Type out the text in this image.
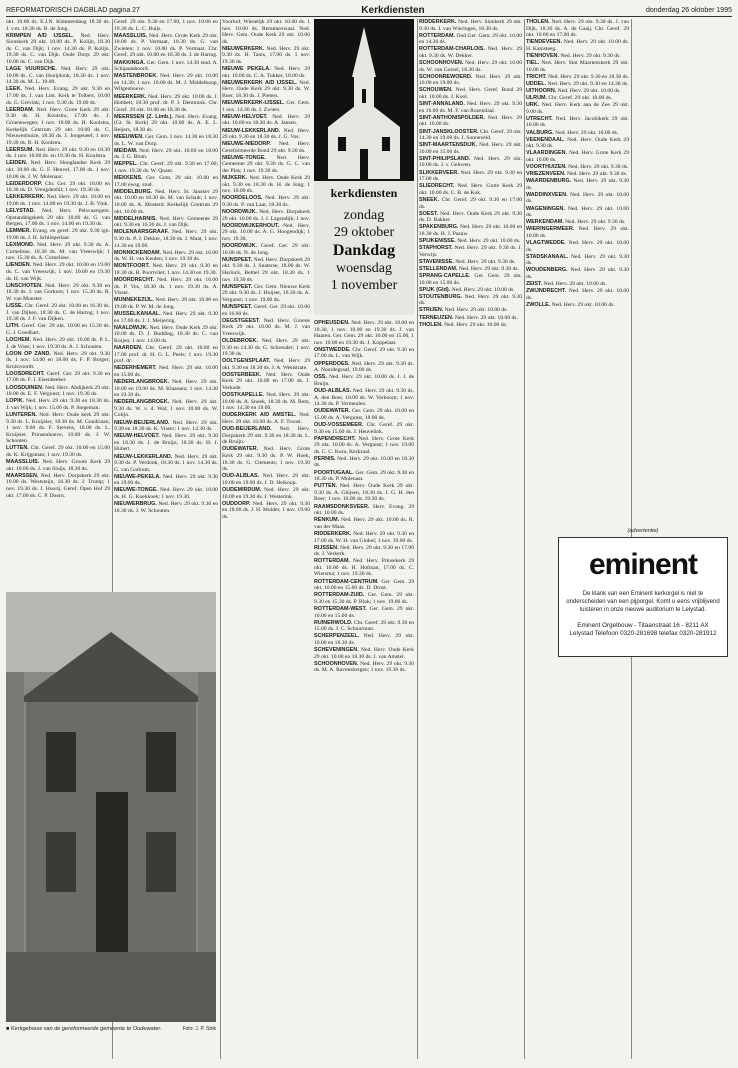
REFORMATORISCH DAGBLAD pagina 27	Kerkdiensten	donderdag 26 oktober 1995

okt. 10.00 ds. E.J.N. Kimmendaug 18.30 ds. J. v.m. 18.30 ds. B. de Jong.

KRIMPEN A/D IJSSEL. Ned. Herv. Sionskerk 29 okt. 10.00 ds. P. Kolijn, 18.30 ds. C. van Dijk; 1 nov. 14.30 ds. P. Kolijn, 19.30 ds. C. van Dijk. Oude Dorp: 29 okt. 10.00 ds. C. van Dijk.

LAGE VUURSCHE. Ned. Herv. 29 okt. 10.00 ds. C. van Hooijdonk, 18.30 ds. 1 nov. 14.30 ds. M. L. 10.00.

LEEK. Ned. Herv. Evang. 29 okt. 9.30 en 17.00 ds. J. van Lint. Kerk te Tolbert, 10.00 ds. G. Grevink; 1 nov. 9.30 ds. 19.00 ds.

LEERDAM. Ned. Herv. Grote Kerk 29 okt. 9.30 ds. H. Koolstra, 17.00 ds. J. Groenewegen; 1 nov. 10.00 ds. H. Koolstra, Kerkelijk Centrum 29 okt. 10.00 ds. C. Nieuwenhuize, 18.30 ds. J. Jongeneel; 1 nov. 19.30 ds. R. H. Koolstra.

LEERSUM. Ned. Herv. 29 okt. 9.30 en 18.30 ds. 1 nov. 10.00 ds. en 19.30 ds. H. Koolstra.

LEIDEN. Ned. Herv. Hooglandse Kerk 29 okt. 10.00 ds. G. F. Heuvel, 17.00 ds. 1 nov. 10.00 ds. J. W. Molenaar.

LEIDERDORP. Chr. Ger. 29 okt. 10.00 en 16.30 ds. D. Vreugdenhil; 1 nov. 19.30 ds.

LEKKERKERK. Ned. Herv. 29 okt. 10.00 en 19.00 ds. 1 nov. 14.00 en 19.30 ds. J. B. Vink.

LELYSTAD. Ned. Herv. Pelsvaartgem. Opstandingskerk 29 okt. 10.00 ds. G. van Bergen, 17.00 ds. 1 nov. 14.00 en 19.30 ds.

LEMMER. Evang. en geref. 29 okt. 9.30 ign. 19.00 ds. J. H. Schlieperlaar.

LEXMOND. Ned. Herv. 29 okt. 9.30 ds. A. Cornelisse, 18.30 ds. M. van Vreeswijk; 1 nov. 15.30 ds. A. Cornelisse.

LIENDEN. Ned. Herv. 29 okt. 10.00 en 19.00 ds. C. van Vreeswijk, 1 nov. 10.00 en 19.30 ds. H. van Wijk.

LINSCHOTEN. Ned. Herv. 29 okt. 9.30 en 18.30 ds. J. van Gorkom; 1 nov. 15.30 ds. R. W. van Munster.

LISSE. Chr. Geref. 29 okt. 10.00 en 16.30 ds. J. van Dijken, 18.30 ds. C. de Hartog; 1 nov. 19.30 ds. J. F. van Dijken.

LITH. Geref. Ger. 29 okt. 10.00 en 15.30 ds. G. J. Goedhart.

LOCHEM. Ned. Herv. 29 okt. 10.00 ds. P. L. J. de Vries; 1 nov. 19.30 ds. A. J. Schouten.

LOON OP ZAND. Ned. Herv. 29 okt. 9.30 ds. 1 nov. 14.00 en 18.00 ds. F. P. Borger; Kruisvoordt.

LOOSDRECHT. Geref. Ger. 29 okt. 9.30 en 17.00 ds. F. J. Eisenbeeker.

LOOSDUINEN. Ned. Herv. Abdijkerk 29 okt. 10.00 ds. E. F. Vergunst; 1 nov. 19.30 ds.

LOPIK. Ned. Herv. 29 okt. 9.30 en 18.30 ds. J. van Wijk; 1 nov. 15.00 ds. P. Stegeman.

LUNTEREN. Ned. Herv. Oude kerk 29 okt. 9.30 ds. L. Kruijsier, 18.30 ds. M. Goudriaan; 1 nov. 9.00 ds. F. Stevens, 18.00 ds. L. Kruijsier. Prinsenhoeve, 10.00 ds. J. W. Schouten.

LUTTEN. Chr. Geref. 29 okt. 10.00 en 15.00 ds. K. Krijgsman; 1 nov. 19.30 ds.

MAASSLUIS. Ned. Herv. Groote Kerk 29 okt. 10.00 ds. J. van Sluijs, 18.30 ds.

MAARSSEN. Ned. Herv. Dorpskerk 29 okt. 10.00 ds. Weststeijn, 18.30 ds. J. Trump; 1 nov. 19.30 ds. J. Hoorij. Geref. Open Hof 29 okt. 17.00 ds. C. P. Doorn.

Geref. 29 okt. 9.30 en 17.00, 1 nov. 10.00 en 19.30 ds. L. C. Buijs.

MAASSLUIS. Ned. Herv. Grote Kerk 29 okt. 10.00 ds. P. Vermaat, 18.30 ds. G. van Zwieten; 1 nov. 10.00 ds. P. Vermaat. Chr. Geref. 29 okt. 10.00 en 18.30 ds. J. de Hartog.

MAKKINGA. Ger. Gem. 1 nov. 14.30 stud. A. Schipaanboord.

MASTENBROEK. Ned. Herv. 29 okt. 10.00 en 14.30; 1 nov. 10.00 ds. M. J. Middelkoop, Wilgenhoeve.

MEERKERK. Ned. Herv. 29 okt. 10.00 ds. J. Hobbelt, 18.30 prof. dr. P. J. Demmink. Chr. Geref. 29 okt. 10.00 en 18.30 ds.

MEERSSEN (Z. Limb.). Ned. Herv. Evang. (Gt. St. Kerk) 29 okt. 10.00 ds. A. E. L. Beijers, 18.30 ds.

MEEUWEN. Ger. Gem. 1 nov. 14.30 en 18.30 ds. L. W. van Dorp.

MEIDAM. Ned. Herv. 29 okt. 10.00 en 18.00 ds. J. G. Blom.

MEPPEL. Chr. Geref. 29 okt. 9.30 en 17.00; 1 nov. 19.30 ds. W. Quant.

MEKKENS. Ger. Gem. 29 okt. 10.00 en 17.00 ewsg. stud.

MIDDELBURG. Ned. Herv. St. Jansker 29 okt. 10.00 en 18.30 ds. M. van Schaik; 1 nov. 10.00 ds. A. Mosterd. Kerkelijk Centrum 29 okt. 10.00 ds.

MIDDELHARNIS. Ned. Herv. Gemeente 29 okt. 9.30 en 16.30 ds. J. van Dijk.

MOLENAARSGRAAF. Ned. Herv. 29 okt. 9.30 ds. P. J. Dekker, 18.30 ds. J. Maat, 1 nov. 14.30 en 19.00.

MONNICKENDAM. Ned. Herv. 29 okt. 10.00 ds. W. H. van Keulen; 1 nov. 19.30 ds.

MONTFOORT. Ned. Herv. 29 okt. 9.30 en 18.30 ds. R. Poortvliet; 1 nov. 14.30 en 19.30.

MOORDRECHT. Ned. Herv. 29 okt. 10.00 ds. P. Vos, 18.30 ds. 1 nov. 19.30 ds. A. Visser.

MUNNEKEZIJL. Ned. Herv. 29 okt. 10.00 en 19.00 ds. P. W. M. de Jong.

MUSSELKANAAL. Ned. Herv. 29 okt. 9.30 en 17.00 ds. J. J. Meijering.

NAALDWIJK. Ned. Herv. Oude Kerk 29 okt. 10.00 ds. D. J. Budding, 18.30 ds. C. van Koijen; 1 nov. 14.00 ds.

NAARDEN. Chr. Geref. 29 okt. 10.00 en 17.00 prof. dr. H. G. L. Peels; 1 nov. 19.30 prof. dr.

NEDERHEMERT. Ned. Herv. 29 okt. 10.00 en 15.00 ds.

NEDERLANGBROEK. Ned. Herv. 29 okt. 10.00 en 19.00 ds. M. Klaassen; 1 nov. 14.30 en 19.30 ds.

NEDERLANGBROEK. Ned. Herv. 29 okt. 9.30 ds. W. v. d. Wal; 1 nov. 10.00 ds. W. Colijn.

NIEUW-BEIJERLAND. Ned. Herv. 29 okt. 9.30 en 18.30 ds. K. Visser; 1 nov. 14.30 ds.

NIEUW-HELVOET. Ned. Herv. 29 okt. 9.30 en 18.30 ds. J. de Bruijn, 18.30 ds. H. J. Hubert.

NIEUW-LEKKERLAND. Ned. Herv. 29 okt. 9.30 ds. P. Verdonk, 18.30 ds. 1 nov. 14.30 ds. G. van Gorkum.

NIEUWE-PEKELA. Ned. Herv. 29 okt. 9.30 en 19.00 ds.

NIEUWE-TONGE. Ned. Herv. 29 okt. 10.00 ds. H. G. Koekkoek; 1 nov. 19.30.

NIEUWERBRUG. Ned. Herv. 29 okt. 9.30 en 18.30 ds. J. W. Schouten.

Voorhof, Wieselijk 29 okt. 10.00 ds. 1 nov. 10.00 ds. Remmerswaal. Ned. Herv. Gem. Oude Kerk 29 okt. 10.00 ds.

NIEUWERKERK. Ned. Herv. 29 okt. 9.30 ds. H. Tanis, 17.00 ds. 1 nov. 19.30 ds.

NIEUWE PEKELA. Ned. Herv. 29 okt. 10.00 ds. C. A. Tukker, 18.00 ds.

NIEUWERKERK A/D IJSSEL. Ned. Herv. Oude Kerk 29 okt. 9.30 ds. W. Boer, 18.30 ds. J. Pieters.

NIEUWERKERK-IJSSEL. Ger. Gem. 1 nov. 14.30 ds. J. Zwiers.

NIEUW-HELVOET. Ned. Herv. 29 okt. 10.00 en 18.30 ds. A. Jansen.

NIEUW-LEKKERLAND. Ned. Herv. 29 okt. 9.30 en 18.30 ds. J. G. Vos.

NIEUWE-NIEDORP. Ned. Herv. Gereformeerde Bond 29 okt. 9.30 ds.

NIEUWE-TONGE. Ned. Herv. Gemeente 29 okt. 9.30 ds. G. C. van der Plas; 1 nov. 19.30 ds.

NIJKERK. Ned. Herv. Oude Kerk 29 okt. 9.30 en 18.30 ds. H. de Jong; 1 nov. 10.00 ds.

NOORDELOOS. Ned. Herv. 29 okt. 9.30 ds. P. van Laar, 18.30 ds.

NOORDWIJK. Ned. Herv. Dorpskerk 29 okt. 10.00 ds. J. J. Lagendijk; 1 nov.

NOORDWIJKERHOUT. Ned. Herv. 29 okt. 10.00 ds. A. G. Hoogendijk; 1 nov. 19.30.

NOORDWIJK. Geref. Ger. 29 okt. 10.00 ds. N. de Jong.

NUNSPEET. Ned. Herv. Dorpskerk 29 okt. 9.30 ds. J. Snaterse, 18.00 ds. W. Harinck, Bethel 29 okt. 18.30 ds. 1 nov. 19.30 ds.

NUNSPEET. Ger. Gem. Nieuwe Kerk 29 okt. 9.30 ds. J. Huijser, 16.30 ds. A. Vergunst; 1 nov. 19.00 ds.

NUNSPEET. Geref. Ger. 29 okt. 10.00 en 16.00 ds.

OEGSTGEEST. Ned. Herv. Groene Kerk 29 okt. 10.00 ds. M. J. van Vreeswijk.

OLDEBROEK. Ned. Herv. 29 okt. 9.30 en 14.30 ds. G. Schreuder; 1 nov. 19.30 ds.

OOLTGENSPLAAT. Ned. Herv. 29 okt. 9.30 en 18.30 ds. J. A. Weststrate.

OOSTERBEEK. Ned. Herv. Oude Kerk 29 okt. 10.00 en 17.00 ds. J. Verkade.

OOSTKAPELLE. Ned. Herv. 29 okt. 10.00 ds. A. Snoek, 18.30 ds. M. Rem, 1 nov. 14.30 en 19.00.

OUDERKERK A/D AMSTEL. Ned. Herv. 29 okt. 10.00 ds. A. F. Troost.

OUD-BEIJERLAND. Ned. Herv. Dorpskerk 29 okt. 9.30 en 18.30 ds. L. de Bruijn.

OUDEWATER. Ned. Herv. Grote Kerk 29 okt. 9.30 ds. P. W. Hoek, 18.30 ds. G. Clements; 1 nov. 19.30 ds.

OUD-ALBLAS. Ned. Herv. 29 okt. 10.00 en 19.00 ds. J. D. Heikoop.

OUDEMIRDUM. Ned. Herv. 29 okt. 10.00 en 19.30 ds. J. Westerink.

OUDDORP. Ned. Herv. 29 okt. 9.30 en 18.00 ds. J. H. Mulder, 1 nov. 19.00 ds.

OPHEUSDEN. Ned. Herv. 29 okt. 10.00 en 18.30, 1 nov. 10.00 en 19.30 ds. J. van Haaren. Ger. Gem. 29 okt. 10.00 en 15.00, 1 nov. 10.00 en 19.30 ds. J. Koppelaar.

ONSTWEDDE. Chr. Geref. 29 okt. 9.30 en 17.00 ds. L. van Wijk.

OPPERDOES. Ned. Herv. 29 okt. 9.30 ds. A. Noordegraaf, 19.00 ds.

OSS. Ned. Herv. 29 okt. 10.00 ds. J. J. de Bruijn.

OUD-ALBLAS. Ned. Herv. 29 okt. 9.30 ds. A. den Boer, 18.00 ds. W. Verboom; 1 nov. 14.30 ds. P. Vermeulen.

OUDEWATER. Ger. Gem. 29 okt. 10.00 en 15.00 ds. A. Vergunst, 18.00 ds.

OUD-VOSSEMEER. Chr. Geref. 29 okt. 9.30 en 15.00 ds. J. Heuvelink.

PAPENDRECHT. Ned. Herv. Grote Kerk 29 okt. 10.00 ds. A. Vergunst; 1 nov. 19.00 ds. C. C. Kuru, Kerkzaal.

PERNIS. Ned. Herv. 29 okt. 10.00 en 18.30 ds.

POORTUGAAL. Ger. Gem. 29 okt. 9.30 en 18.30 ds. P. Molenaar.

PUTTEN. Ned. Herv. Oude Kerk 29 okt. 9.30 ds. A. Ghijsen, 18.30 ds. J. G. H. den Boer; 1 nov. 10.00 ds. 19.30 ds.

RAAMSDONKSVEER. Herv. Evang. 29 okt. 10.00 ds.

RENKUM. Ned. Herv. 29 okt. 10.00 ds. R. van der Maas.

RIDDERKERK. Ned. Herv. 29 okt. 9.30 en 17.00 ds. W. H. van Ginkel; 1 nov. 19.00 ds.

RIJSSEN. Ned. Herv. 29 okt. 9.30 en 17.00 ds. J. Verkerk.

ROTTERDAM. Ned. Herv. Prinsekerk 29 okt. 10.00 ds. H. Hofman, 17.00 ds. C. Wiersma; 1 nov. 19.30 ds.

ROTTERDAM-CENTRUM. Ger. Gem. 29 okt. 10.00 en 15.00 ds. D. Drost.

ROTTERDAM-ZUID. Ger. Gem. 29 okt. 9.30 en 15.30 ds. P. Blok; 1 nov. 19.00 ds.

ROTTERDAM-WEST. Ger. Gem. 29 okt. 10.00 en 15.00 ds.

RUINERWOLD. Chr. Geref. 29 okt. 9.30 en 15.00 ds. J. C. Schuurman.

SCHERPENZEEL. Ned. Herv. 29 okt. 10.00 en 18.30 ds.

SCHEVENINGEN. Ned. Herv. Oude Kerk 29 okt. 10.00 en 18.30 ds. J. van Amstel.

SCHOONHOVEN. Ned. Herv. 29 okt. 9.30 ds. M. A. Ravensbergen; 1 nov. 19.30 ds.

RIDDERKERK. Ned. Herv. Sionkerk 29 okt. 9.30 ds. J. van Wieringen, 18.30 ds.

ROTTERDAM. Oud Ger. Gem. 29 okt. 10.00 en 14.30 ds.

ROTTERDAM-CHARLOIS. Ned. Herv. 29 okt. 9.30 ds. W. Dekker.

SCHOONHOVEN. Ned. Herv. 29 okt. 10.00 ds. W. van Gorsel, 18.30 ds.

SCHOONREWOERD. Ned. Herv. 29 okt. 10.00 en 19.00 ds.

SCHOUWEN. Ned. Herv. Geref. Bond 29 okt. 10.00 ds. J. Kool.

SINT-ANNALAND. Ned. Herv. 29 okt. 9.30 en 16.00 ds. M. F. van Rozendaal.

SINT-ANTHONISPOLDER. Ned. Herv. 29 okt. 10.00 ds.

SINT-JANSKLOOSTER. Chr. Geref. 29 okt. 14.30 en 19.00 ds. J. Sonneveld.

SINT-MAARTENSDIJK. Ned. Herv. 29 okt. 10.00 en 15.00 ds.

SINT-PHILIPSLAND. Ned. Herv. 29 okt. 10.00 ds. J. v. Geloven.

SLIKKERVEER. Ned. Herv. 29 okt. 9.30 en 17.00 ds.

SLIEDRECHT. Ned. Herv. Grote Kerk 29 okt. 10.00 ds. C. B. de Kok.

SNEEK. Chr. Geref. 29 okt. 9.30 en 17.00 ds.

SOEST. Ned. Herv. Oude Kerk 29 okt. 9.30 ds. D. Bakker.

SPAKENBURG. Ned. Herv. 29 okt. 10.00 en 18.30 ds. H. J. Paauw.

SPIJKENISSE. Ned. Herv. 29 okt. 10.00 ds.

STAPHORST. Ned. Herv. 29 okt. 9.30 ds. J. Verwijs.

STAVENISSE. Ned. Herv. 29 okt. 9.30 ds.

STELLENDAM. Ned. Herv. 29 okt. 9.30 ds.

SPRANG-CAPELLE. Ger. Gem. 29 okt. 10.00 en 15.00 ds.

SPIJK (Gld). Ned. Herv. 29 okt. 10.00 ds.

STOUTENBURG. Ned. Herv. 29 okt. 9.30 ds.

STRIJEN. Ned. Herv. 29 okt. 10.00 ds.

TERNEUZEN. Ned. Herv. 29 okt. 10.00 ds.

THOLEN. Ned. Herv. 29 okt. 10.00 ds.

THOLEN. Ned. Herv. 29 okt. 9.30 ds. J. van Dijk, 18.30 ds. A. de Gaaij. Chr. Geref. 29 okt. 10.00 en 17.00 ds.

TIENDEVEEN. Ned. Herv. 29 okt. 10.00 ds. H. Kamsteeg.

TIENHOVEN. Ned. Herv. 29 okt. 9.30 ds.

TIEL. Ned. Herv. Sint Maartenskerk 29 okt. 10.00 ds.

TRICHT. Ned. Herv. 29 okt. 9.30 en 18.30 ds.

UDDEL. Ned. Herv. 29 okt. 9.30 en 14.30 ds.

UITHOORN. Ned. Herv. 29 okt. 10.00 ds.

ULRUM. Chr. Geref. 29 okt. 10.00 ds.

URK. Ned. Herv. Kerk aan de Zee 29 okt. 9.00 ds.

UTRECHT. Ned. Herv. Jacobikerk 29 okt. 10.00 ds.

VALBURG. Ned. Herv. 29 okt. 10.00 ds.

VEENENDAAL. Ned. Herv. Oude Kerk 29 okt. 9.30 ds.

VLAARDINGEN. Ned. Herv. Grote Kerk 29 okt. 10.00 ds.

VOORTHUIZEN. Ned. Herv. 29 okt. 9.30 ds.

VRIEZENVEEN. Ned. Herv. 29 okt. 9.30 ds.

WAARDENBURG. Ned. Herv. 29 okt. 9.30 ds.

WADDINXVEEN. Ned. Herv. 29 okt. 10.00 ds.

WAGENINGEN. Ned. Herv. 29 okt. 10.00 ds.

WERKENDAM. Ned. Herv. 29 okt. 9.30 ds.

WIERINGERMEER. Ned. Herv. 29 okt. 10.00 ds.

VLAGTWEDDE. Ned. Herv. 29 okt. 10.00 ds.

STADSKANAAL. Ned. Herv. 29 okt. 9.30 ds.

WOUDENBERG. Ned. Herv. 29 okt. 9.30 ds.

ZEIST. Ned. Herv. 29 okt. 10.00 ds.

ZWIJNDRECHT. Ned. Herv. 29 okt. 10.00 ds.

ZWOLLE. Ned. Herv. 29 okt. 10.00 ds.

kerkdiensten
zondag
29 oktober
Dankdag
woensdag
1 november
■ Kerkgebouw van de gereformeerde gemeente te Oudewater.	Foto: J. P. Strik
(advertentie)
eminent
De klank van een Eminent kerkorgel is niet te onderscheiden van een pijporgel. Komt u eens vrijblijvend luisteren in onze nieuwe auditorium te Lelystad.
Eminent Orgelbouw - Titaanstraat 16 - 8211 AX Lelystad Telefoon 0320-281698 telefax 0320-281912
